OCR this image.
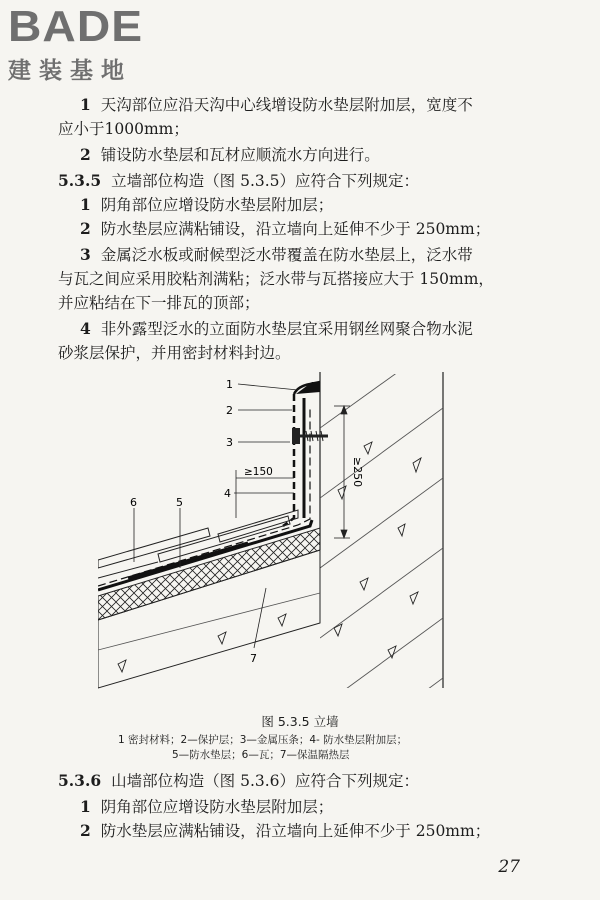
BADE
建装基地
1 天沟部位应沿天沟中心线增设防水垫层附加层，宽度不
应小于1000mm；
2 铺设防水垫层和瓦材应顺流水方向进行。
5.3.5 立墙部位构造（图 5.3.5）应符合下列规定：
1 阴角部位应增设防水垫层附加层；
2 防水垫层应满粘铺设，沿立墙向上延伸不少于 250mm；
3 金属泛水板或耐候型泛水带覆盖在防水垫层上，泛水带
与瓦之间应采用胶粘剂满粘；泛水带与瓦搭接应大于 150mm，
并应粘结在下一排瓦的顶部；
4 非外露型泛水的立面防水垫层宜采用钢丝网聚合物水泥
砂浆层保护，并用密封材料封边。
≥250
≥150
1
2
3
4
5
6
7
图 5.3.5 立墙
1 密封材料；2—保护层；3—金属压条；4- 防水垫层附加层；
5—防水垫层；6—瓦；7—保温隔热层
5.3.6 山墙部位构造（图 5.3.6）应符合下列规定：
1 阴角部位应增设防水垫层附加层；
2 防水垫层应满粘铺设，沿立墙向上延伸不少于 250mm；
27
